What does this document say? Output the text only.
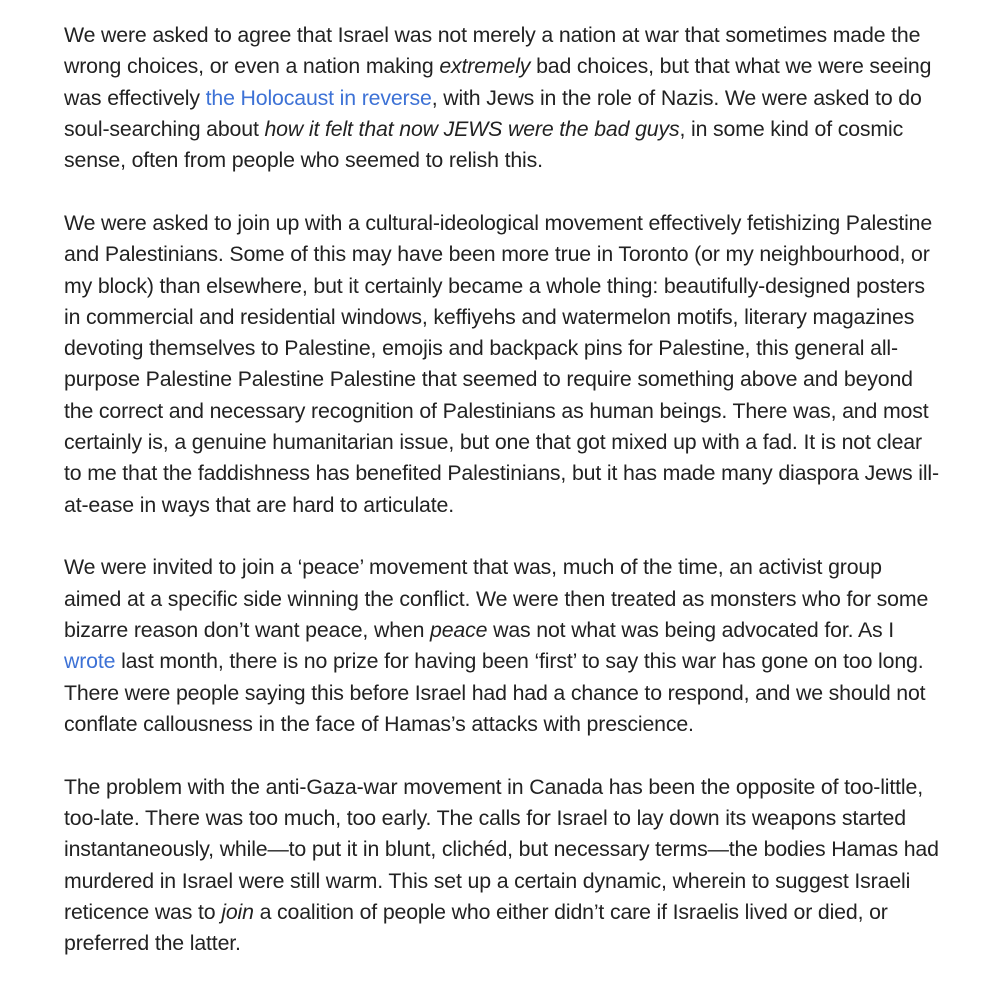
We were asked to agree that Israel was not merely a nation at war that sometimes made the wrong choices, or even a nation making extremely bad choices, but that what we were seeing was effectively the Holocaust in reverse, with Jews in the role of Nazis. We were asked to do soul-searching about how it felt that now JEWS were the bad guys, in some kind of cosmic sense, often from people who seemed to relish this.

We were asked to join up with a cultural-ideological movement effectively fetishizing Palestine and Palestinians. Some of this may have been more true in Toronto (or my neighbourhood, or my block) than elsewhere, but it certainly became a whole thing: beautifully-designed posters in commercial and residential windows, keffiyehs and watermelon motifs, literary magazines devoting themselves to Palestine, emojis and backpack pins for Palestine, this general all-purpose Palestine Palestine Palestine that seemed to require something above and beyond the correct and necessary recognition of Palestinians as human beings. There was, and most certainly is, a genuine humanitarian issue, but one that got mixed up with a fad. It is not clear to me that the faddishness has benefited Palestinians, but it has made many diaspora Jews ill-at-ease in ways that are hard to articulate.

We were invited to join a ‘peace’ movement that was, much of the time, an activist group aimed at a specific side winning the conflict. We were then treated as monsters who for some bizarre reason don’t want peace, when peace was not what was being advocated for. As I wrote last month, there is no prize for having been ‘first’ to say this war has gone on too long. There were people saying this before Israel had had a chance to respond, and we should not conflate callousness in the face of Hamas’s attacks with prescience.

The problem with the anti-Gaza-war movement in Canada has been the opposite of too-little, too-late. There was too much, too early. The calls for Israel to lay down its weapons started instantaneously, while—to put it in blunt, clichéd, but necessary terms—the bodies Hamas had murdered in Israel were still warm. This set up a certain dynamic, wherein to suggest Israeli reticence was to join a coalition of people who either didn’t care if Israelis lived or died, or preferred the latter.
